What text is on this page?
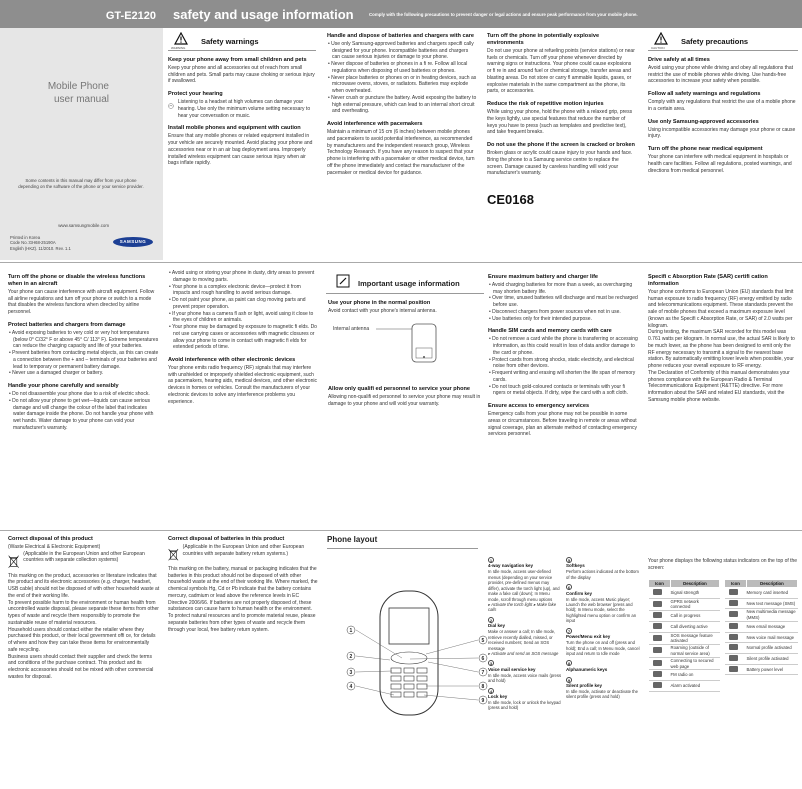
GT-E2120 safety and usage information	Comply with the following precautions to prevent danger or legal actions and ensure peak performance from your mobile phone.
Mobile Phone
user manual
Some contents in this manual may differ from your phone depending on the software of the phone or your service provider.
www.samsungmobile.com
Printed in Korea
Code No.:GH68-25190A
English (HKZ). 11/2010. Rev. 1.1
SAMSUNG
WARNING
Safety warnings
Keep your phone away from small children and pets

Keep your phone and all accessories out of reach from small children and pets. Small parts may cause choking or serious injury if swallowed.

Protect your hearing

Listening to a headset at high volumes can damage your hearing. Use only the minimum volume setting necessary to hear your conversation or music.

Install mobile phones and equipment with caution

Ensure that any mobile phones or related equipment installed in your vehicle are securely mounted. Avoid placing your phone and accessories near or in an air bag deployment area. Improperly installed wireless equipment can cause serious injury when air bags inflate rapidly.

Handle and dispose of batteries and chargers with care
• Use only Samsung-approved batteries and chargers specifi cally designed for your phone. Incompatible batteries and chargers can cause serious injuries or damage to your phone.
• Never dispose of batteries or phones in a fi re. Follow all local regulations when disposing of used batteries or phones.
• Never place batteries or phones on or in heating devices, such as microwave ovens, stoves, or radiators. Batteries may explode when overheated.
• Never crush or puncture the battery. Avoid exposing the battery to high external pressure, which can lead to an internal short circuit and overheating.
Avoid interference with pacemakers

Maintain a minimum of 15 cm (6 inches) between mobile phones and pacemakers to avoid potential interference, as recommended by manufacturers and the independent research group, Wireless Technology Research. If you have any reason to suspect that your phone is interfering with a pacemaker or other medical device, turn off the phone immediately and contact the manufacturer of the pacemaker or medical device for guidance.

Turn off the phone in potentially explosive environments

Do not use your phone at refueling points (service stations) or near fuels or chemicals. Turn off your phone whenever directed by warning signs or instructions. Your phone could cause explosions or fi re in and around fuel or chemical storage, transfer areas and blasting areas. Do not store or carry fl ammable liquids, gases, or explosive materials in the same compartment as the phone, its parts, or accessories.

Reduce the risk of repetitive motion injuries

While using your phone, hold the phone with a relaxed grip, press the keys lightly, use special features that reduce the number of keys you have to press (such as templates and predictive text), and take frequent breaks.

Do not use the phone if the screen is cracked or broken

Broken glass or acrylic could cause injury to your hands and face. Bring the phone to a Samsung service centre to replace the screen. Damage caused by careless handling will void your manufacturer's warranty.

CE0168
CAUTION
Safety precautions
Drive safely at all times

Avoid using your phone while driving and obey all regulations that restrict the use of mobile phones while driving. Use hands-free accessories to increase your safety when possible.

Follow all safety warnings and regulations

Comply with any regulations that restrict the use of a mobile phone in a certain area.

Use only Samsung-approved accessories

Using incompatible accessories may damage your phone or cause injury.

Turn off the phone near medical equipment

Your phone can interfere with medical equipment in hospitals or health care facilities. Follow all regulations, posted warnings, and directions from medical personnel.

Turn off the phone or disable the wireless functions when in an aircraft

Your phone can cause interference with aircraft equipment. Follow all airline regulations and turn off your phone or switch to a mode that disables the wireless functions when directed by airline personnel.

Protect batteries and chargers from damage
• Avoid exposing batteries to very cold or very hot temperatures (below 0° C/32° F or above 45° C/ 113° F). Extreme temperatures can reduce the charging capacity and life of your batteries.
• Prevent batteries from contacting metal objects, as this can create a connection between the + and – terminals of your batteries and lead to temporary or permanent battery damage.
• Never use a damaged charger or battery.
Handle your phone carefully and sensibly
• Do not disassemble your phone due to a risk of electric shock.
• Do not allow your phone to get wet—liquids can cause serious damage and will change the colour of the label that indicates water damage inside the phone. Do not handle your phone with wet hands. Water damage to your phone can void your manufacturer's warranty.
• Avoid using or storing your phone in dusty, dirty areas to prevent damage to moving parts.
• Your phone is a complex electronic device—protect it from impacts and rough handling to avoid serious damage.
• Do not paint your phone, as paint can clog moving parts and prevent proper operation.
• If your phone has a camera fl ash or light, avoid using it close to the eyes of children or animals.
• Your phone may be damaged by exposure to magnetic fi elds. Do not use carrying cases or accessories with magnetic closures or allow your phone to come in contact with magnetic fi elds for extended periods of time.
Avoid interference with other electronic devices

Your phone emits radio frequency (RF) signals that may interfere with unshielded or improperly shielded electronic equipment, such as pacemakers, hearing aids, medical devices, and other electronic devices in homes or vehicles. Consult the manufacturers of your electronic devices to solve any interference problems you experience.

Important usage information
Use your phone in the normal position

Avoid contact with your phone's internal antenna.

Internal antenna
Allow only qualifi ed personnel to service your phone

Allowing non-qualifi ed personnel to service your phone may result in damage to your phone and will void your warranty.

Ensure maximum battery and charger life
• Avoid charging batteries for more than a week, as overcharging may shorten battery life.
• Over time, unused batteries will discharge and must be recharged before use.
• Disconnect chargers from power sources when not in use.
• Use batteries only for their intended purpose.
Handle SIM cards and memory cards with care
• Do not remove a card while the phone is transferring or accessing information, as this could result in loss of data and/or damage to the card or phone.
• Protect cards from strong shocks, static electricity, and electrical noise from other devices.
• Frequent writing and erasing will shorten the life span of memory cards.
• Do not touch gold-coloured contacts or terminals with your fi ngers or metal objects. If dirty, wipe the card with a soft cloth.
Ensure access to emergency services

Emergency calls from your phone may not be possible in some areas or circumstances. Before traveling in remote or areas without signal coverage, plan an alternate method of contacting emergency services personnel.

Specifi c Absorption Rate (SAR) certifi cation information

Your phone conforms to European Union (EU) standards that limit human exposure to radio frequency (RF) energy emitted by radio and telecommunications equipment. These standards prevent the sale of mobile phones that exceed a maximum exposure level (known as the Specifi c Absorption Rate, or SAR) of 2.0 watts per kilogram.

During testing, the maximum SAR recorded for this model was 0.761 watts per kilogram. In normal use, the actual SAR is likely to be much lower, as the phone has been designed to emit only the RF energy necessary to transmit a signal to the nearest base station. By automatically emitting lower levels when possible, your phone reduces your overall exposure to RF energy.

The Declaration of Conformity of this manual demonstrates your phones compliance with the European Radio & Terminal Telecommunications Equipment (R&TTE) directive. For more information about the SAR and related EU standards, visit the Samsung mobile phone website.

Correct disposal of this product

(Waste Electrical & Electronic Equipment)

(Applicable in the European Union and other European countries with separate collection systems)

This marking on the product, accessories or literature indicates that the product and its electronic accessories (e.g. charger, headset, USB cable) should not be disposed of with other household waste at the end of their working life.

To prevent possible harm to the environment or human health from uncontrolled waste disposal, please separate these items from other types of waste and recycle them responsibly to promote the sustainable reuse of material resources.

Household users should contact either the retailer where they purchased this product, or their local government offi ce, for details of where and how they can take these items for environmentally safe recycling.

Business users should contact their supplier and check the terms and conditions of the purchase contract. This product and its electronic accessories should not be mixed with other commercial wastes for disposal.

Correct disposal of batteries in this product

(Applicable in the European Union and other European countries with separate battery return systems.)

This marking on the battery, manual or packaging indicates that the batteries in this product should not be disposed of with other household waste at the end of their working life. Where marked, the chemical symbols Hg, Cd or Pb indicate that the battery contains mercury, cadmium or lead above the reference levels in EC Directive 2006/66. If batteries are not properly disposed of, these substances can cause harm to human health or the environment.

To protect natural resources and to promote material reuse, please separate batteries from other types of waste and recycle them through your local, free battery return system.

Phone layout
1
2
3
4
5
6
7
8
9
1
4-way navigation key
In Idle mode, access user-defined menus (depending on your service provider, pre-defined menus may differ), activate the torch light (up), and make a fake call (down); In Menu mode, scroll through menu options
▸ Activate the torch light ▸ Make fake calls
2
Dial key
Make or answer a call; In Idle mode, retrieve recently dialled, missed, or received numbers; Send an SOS message
▸ Activate and send an SOS message
3
Voice mail service key
In Idle mode, access voice mails (press and hold)
4
Lock key
In Idle mode, lock or unlock the keypad (press and hold)
5
Softkeys
Perform actions indicated at the bottom of the display
6
Confirm key
In Idle mode, access Music player; Launch the web browser (press and hold); In Menu mode, select the highlighted menu option or confirm an input
7
Power/Menu exit key
Turn the phone on and off (press and hold); End a call; In Menu mode, cancel input and return to Idle mode
8
Alphanumeric keys
9
Silent profile key
In Idle mode, activate or deactivate the silent profile (press and hold)
Your phone displays the following status indicators on the top of the screen:
Icon	Description
	Signal strength
	GPRS network connected
	Call in progress
	Call diverting active
	SOS message feature activated
	Roaming (outside of normal service area)
	Connecting to secured web page
	FM radio on
	Alarm activated
Icon	Description
	Memory card inserted
	New text message (SMS)
	New multimedia message (MMS)
	New email message
	New voice mail message
	Normal profile activated
	Silent profile activated
	Battery power level
